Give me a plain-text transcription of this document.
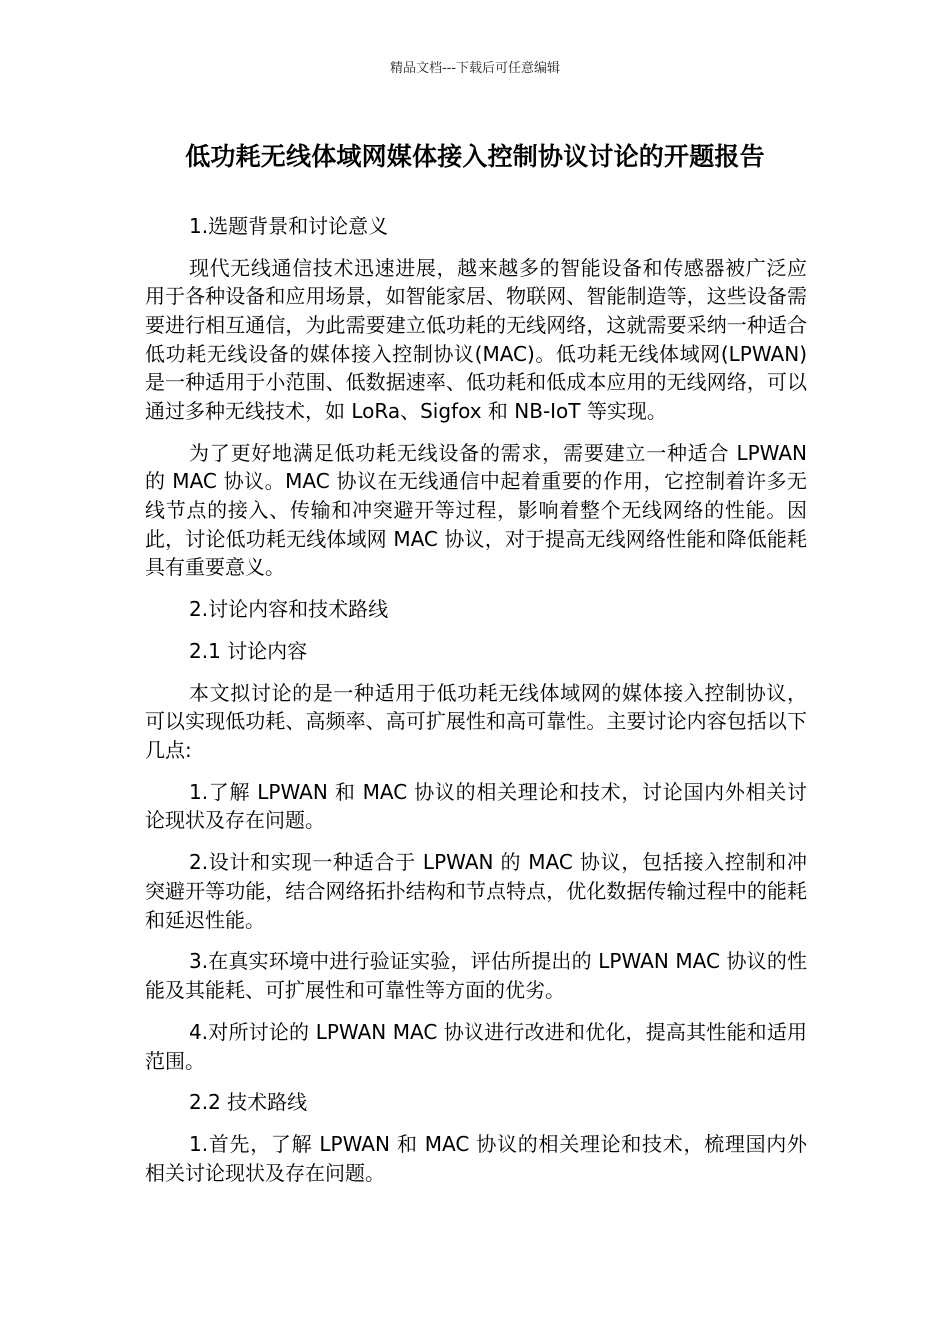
精品文档---下载后可任意编辑
低功耗无线体域网媒体接入控制协议讨论的开题报告

1.选题背景和讨论意义

现代无线通信技术迅速进展，越来越多的智能设备和传感器被广泛应用于各种设备和应用场景，如智能家居、物联网、智能制造等，这些设备需要进行相互通信，为此需要建立低功耗的无线网络，这就需要采纳一种适合低功耗无线设备的媒体接入控制协议(MAC)。低功耗无线体域网(LPWAN)是一种适用于小范围、低数据速率、低功耗和低成本应用的无线网络，可以通过多种无线技术，如 LoRa、Sigfox 和 NB-IoT 等实现。

为了更好地满足低功耗无线设备的需求，需要建立一种适合 LPWAN 的 MAC 协议。MAC 协议在无线通信中起着重要的作用，它控制着许多无线节点的接入、传输和冲突避开等过程，影响着整个无线网络的性能。因此，讨论低功耗无线体域网 MAC 协议，对于提高无线网络性能和降低能耗具有重要意义。

2.讨论内容和技术路线

2.1 讨论内容

本文拟讨论的是一种适用于低功耗无线体域网的媒体接入控制协议，可以实现低功耗、高频率、高可扩展性和高可靠性。主要讨论内容包括以下几点:

1.了解 LPWAN 和 MAC 协议的相关理论和技术，讨论国内外相关讨论现状及存在问题。

2.设计和实现一种适合于 LPWAN 的 MAC 协议，包括接入控制和冲突避开等功能，结合网络拓扑结构和节点特点，优化数据传输过程中的能耗和延迟性能。

3.在真实环境中进行验证实验，评估所提出的 LPWAN MAC 协议的性能及其能耗、可扩展性和可靠性等方面的优劣。

4.对所讨论的 LPWAN MAC 协议进行改进和优化，提高其性能和适用范围。

2.2 技术路线

1.首先，了解 LPWAN 和 MAC 协议的相关理论和技术，梳理国内外相关讨论现状及存在问题。
